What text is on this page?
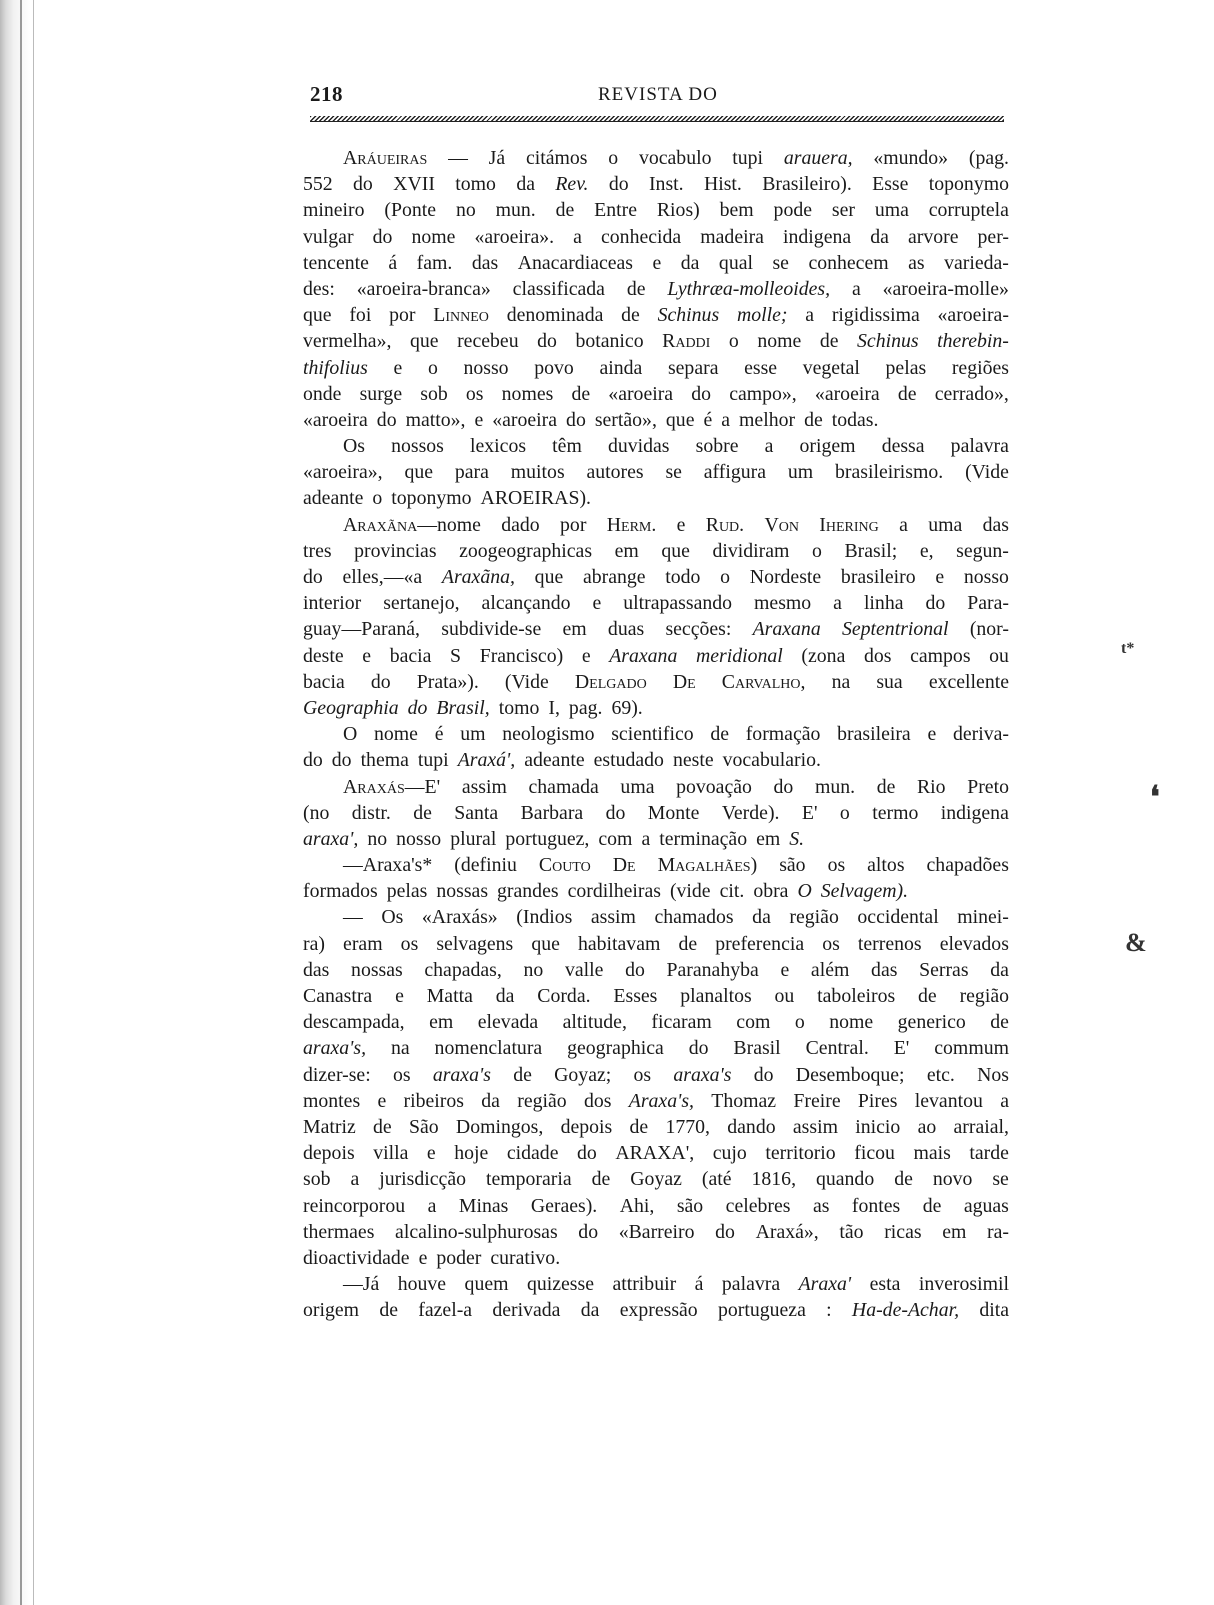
218	REVISTA DO
Aráueiras — Já citámos o vocabulo tupi arauera, «mundo» (pag.
552 do XVII tomo da Rev. do Inst. Hist. Brasileiro). Esse toponymo
mineiro (Ponte no mun. de Entre Rios) bem pode ser uma corruptela
vulgar do nome «aroeira». a conhecida madeira indigena da arvore per-
tencente á fam. das Anacardiaceas e da qual se conhecem as varieda-
des: «aroeira-branca» classificada de Lythræa-molleoides, a «aroeira-molle»
que foi por Linneo denominada de Schinus molle; a rigidissima «aroeira-
vermelha», que recebeu do botanico Raddi o nome de Schinus therebin-
thifolius e o nosso povo ainda separa esse vegetal pelas regiões
onde surge sob os nomes de «aroeira do campo», «aroeira de cerrado»,
«aroeira do matto», e «aroeira do sertão», que é a melhor de todas.
Os nossos lexicos têm duvidas sobre a origem dessa palavra
«aroeira», que para muitos autores se affigura um brasileirismo. (Vide
adeante o toponymo AROEIRAS).
Araxãna—nome dado por Herm. e Rud. Von Ihering a uma das
tres provincias zoogeographicas em que dividiram o Brasil; e, segun-
do elles,—«a Araxãna, que abrange todo o Nordeste brasileiro e nosso
interior sertanejo, alcançando e ultrapassando mesmo a linha do Para-
guay—Paraná, subdivide-se em duas secções: Araxana Septentrional (nor-
deste e bacia S Francisco) e Araxana meridional (zona dos campos ou
bacia do Prata»). (Vide Delgado De Carvalho, na sua excellente
Geographia do Brasil, tomo I, pag. 69).
O nome é um neologismo scientifico de formação brasileira e deriva-
do do thema tupi Araxá', adeante estudado neste vocabulario.
Araxás—E' assim chamada uma povoação do mun. de Rio Preto
(no distr. de Santa Barbara do Monte Verde). E' o termo indigena
araxa', no nosso plural portuguez, com a terminação em S.
—Araxa's* (definiu Couto De Magalhães) são os altos chapadões
formados pelas nossas grandes cordilheiras (vide cit. obra O Selvagem).
— Os «Araxás» (Indios assim chamados da região occidental minei-
ra) eram os selvagens que habitavam de preferencia os terrenos elevados
das nossas chapadas, no valle do Paranahyba e além das Serras da
Canastra e Matta da Corda. Esses planaltos ou taboleiros de região
descampada, em elevada altitude, ficaram com o nome generico de
araxa's, na nomenclatura geographica do Brasil Central. E' commum
dizer-se: os araxa's de Goyaz; os araxa's do Desemboque; etc. Nos
montes e ribeiros da região dos Araxa's, Thomaz Freire Pires levantou a
Matriz de São Domingos, depois de 1770, dando assim inicio ao arraial,
depois villa e hoje cidade do ARAXA', cujo territorio ficou mais tarde
sob a jurisdicção temporaria de Goyaz (até 1816, quando de novo se
reincorporou a Minas Geraes). Ahi, são celebres as fontes de aguas
thermaes alcalino-sulphurosas do «Barreiro do Araxá», tão ricas em ra-
dioactividade e poder curativo.
—Já houve quem quizesse attribuir á palavra Araxa' esta inverosimil
origem de fazel-a derivada da expressão portugueza : Ha-de-Achar, dita
t*
❛
&
